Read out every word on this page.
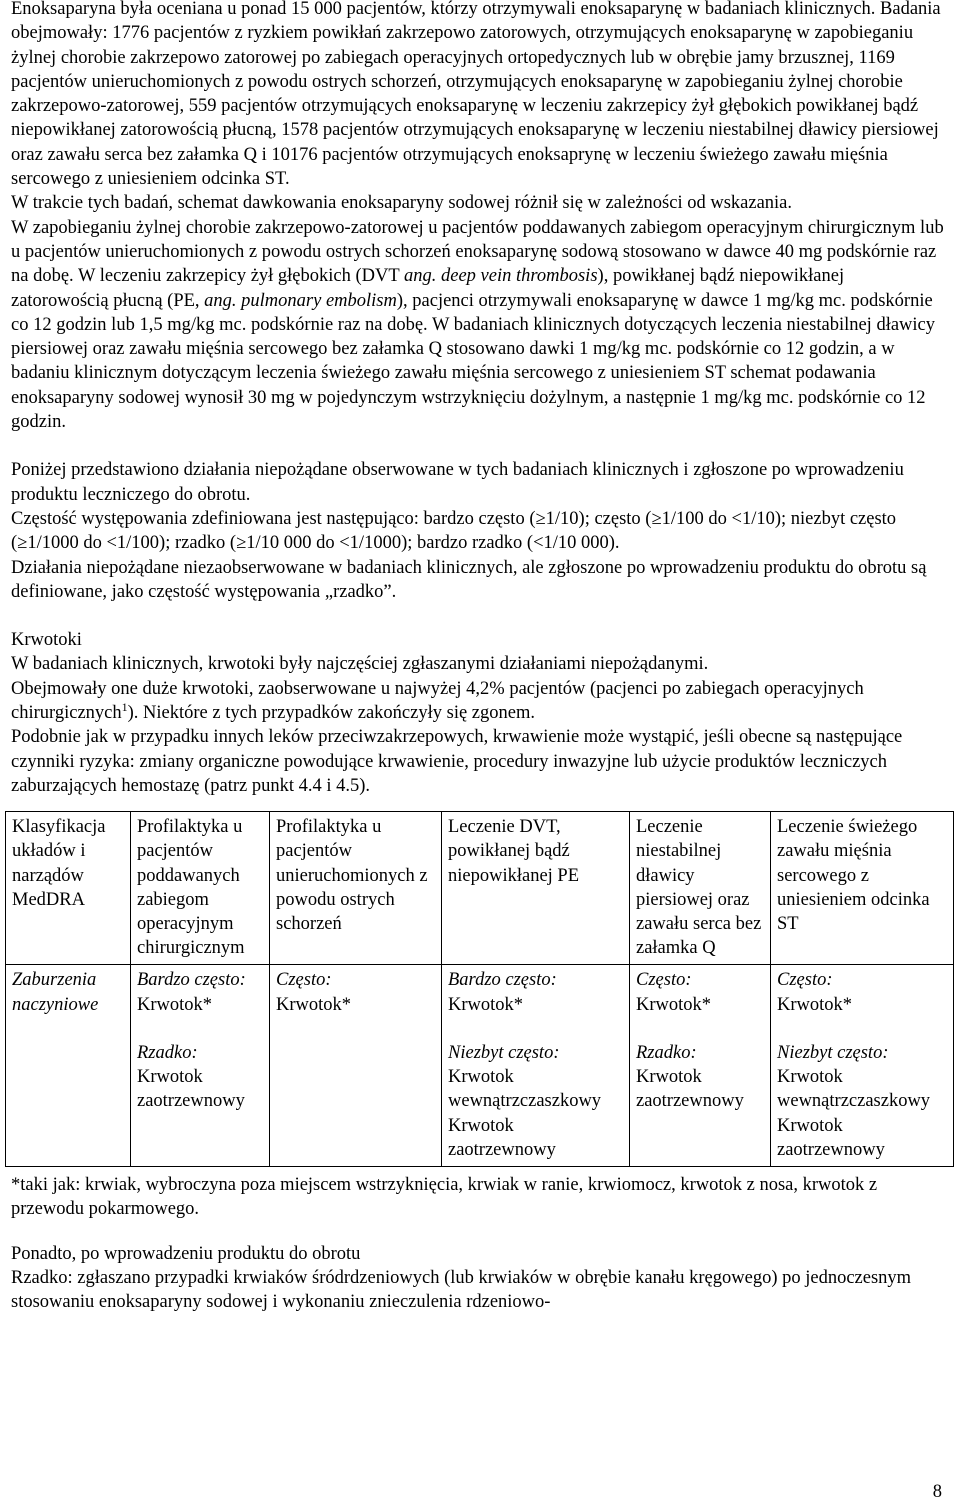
Enoksaparyna była oceniana u ponad 15 000 pacjentów, którzy otrzymywali enoksaparynę w badaniach klinicznych. Badania obejmowały: 1776 pacjentów z ryzkiem powikłań zakrzepowo zatorowych, otrzymujących enoksaparynę w zapobieganiu żylnej chorobie zakrzepowo zatorowej po zabiegach operacyjnych ortopedycznych lub w obrębie jamy brzusznej, 1169 pacjentów unieruchomionych z powodu ostrych schorzeń, otrzymujących enoksaparynę w zapobieganiu żylnej chorobie zakrzepowo-zatorowej, 559 pacjentów otrzymujących enoksaparynę w leczeniu zakrzepicy żył głębokich powikłanej bądź niepowikłanej zatorowością płucną, 1578 pacjentów otrzymujących enoksaparynę w leczeniu niestabilnej dławicy piersiowej oraz zawału serca bez załamka Q i 10176 pacjentów otrzymujących enoksaprynę w leczeniu świeżego zawału mięśnia sercowego z uniesieniem odcinka ST.

W trakcie tych badań, schemat dawkowania enoksaparyny sodowej różnił się w zależności od wskazania.

W zapobieganiu żylnej chorobie zakrzepowo-zatorowej u pacjentów poddawanych zabiegom operacyjnym chirurgicznym lub u pacjentów unieruchomionych z powodu ostrych schorzeń enoksaparynę sodową stosowano w dawce 40 mg podskórnie raz na dobę. W leczeniu zakrzepicy żył głębokich (DVT ang. deep vein thrombosis), powikłanej bądź niepowikłanej zatorowością płucną (PE, ang. pulmonary embolism), pacjenci otrzymywali enoksaparynę w dawce 1 mg/kg mc. podskórnie co 12 godzin lub 1,5 mg/kg mc. podskórnie raz na dobę. W badaniach klinicznych dotyczących leczenia niestabilnej dławicy piersiowej oraz zawału mięśnia sercowego bez załamka Q stosowano dawki 1 mg/kg mc. podskórnie co 12 godzin, a w badaniu klinicznym dotyczącym leczenia świeżego zawału mięśnia sercowego z uniesieniem ST schemat podawania enoksaparyny sodowej wynosił 30 mg w pojedynczym wstrzyknięciu dożylnym, a następnie 1 mg/kg mc. podskórnie co 12 godzin.

Poniżej przedstawiono działania niepożądane obserwowane w tych badaniach klinicznych i zgłoszone po wprowadzeniu produktu leczniczego do obrotu.

Częstość występowania zdefiniowana jest następująco: bardzo często (≥1/10); często (≥1/100 do <1/10); niezbyt często (≥1/1000 do <1/100); rzadko (≥1/10 000 do <1/1000); bardzo rzadko (<1/10 000).

Działania niepożądane niezaobserwowane w badaniach klinicznych, ale zgłoszone po wprowadzeniu produktu do obrotu są definiowane, jako częstość występowania „rzadko”.

Krwotoki

W badaniach klinicznych, krwotoki były najczęściej zgłaszanymi działaniami niepożądanymi.

Obejmowały one duże krwotoki, zaobserwowane u najwyżej 4,2% pacjentów (pacjenci po zabiegach operacyjnych chirurgicznych$^1$). Niektóre z tych przypadków zakończyły się zgonem.

Podobnie jak w przypadku innych leków przeciwzakrzepowych, krwawienie może wystąpić, jeśli obecne są następujące czynniki ryzyka: zmiany organiczne powodujące krwawienie, procedury inwazyjne lub użycie produktów leczniczych zaburzających hemostazę (patrz punkt 4.4 i 4.5).

Klasyfikacja układów i narządów MedDRA	Profilaktyka u pacjentów poddawanych zabiegom operacyjnym chirurgicznym	Profilaktyka u pacjentów unieruchomionych z powodu ostrych schorzeń	Leczenie DVT, powikłanej bądź niepowikłanej PE	Leczenie niestabilnej dławicy piersiowej oraz zawału serca bez załamka Q	Leczenie świeżego zawału mięśnia sercowego z uniesieniem odcinka ST
Zaburzenia naczyniowe	Bardzo często:
Krwotok*

Rzadko:
Krwotok zaotrzewnowy	Często:
Krwotok*	Bardzo często:
Krwotok*

Niezbyt często:
Krwotok wewnątrzczaszkowy Krwotok zaotrzewnowy	Często:
Krwotok*

Rzadko:
Krwotok zaotrzewnowy	Często:
Krwotok*

Niezbyt często:
Krwotok wewnątrzczaszkowy Krwotok zaotrzewnowy

*taki jak: krwiak, wybroczyna poza miejscem wstrzyknięcia, krwiak w ranie, krwiomocz, krwotok z nosa, krwotok z przewodu pokarmowego.

Ponadto, po wprowadzeniu produktu do obrotu

Rzadko: zgłaszano przypadki krwiaków śródrdzeniowych (lub krwiaków w obrębie kanału kręgowego) po jednoczesnym stosowaniu enoksaparyny sodowej i wykonaniu znieczulenia rdzeniowo-

8
